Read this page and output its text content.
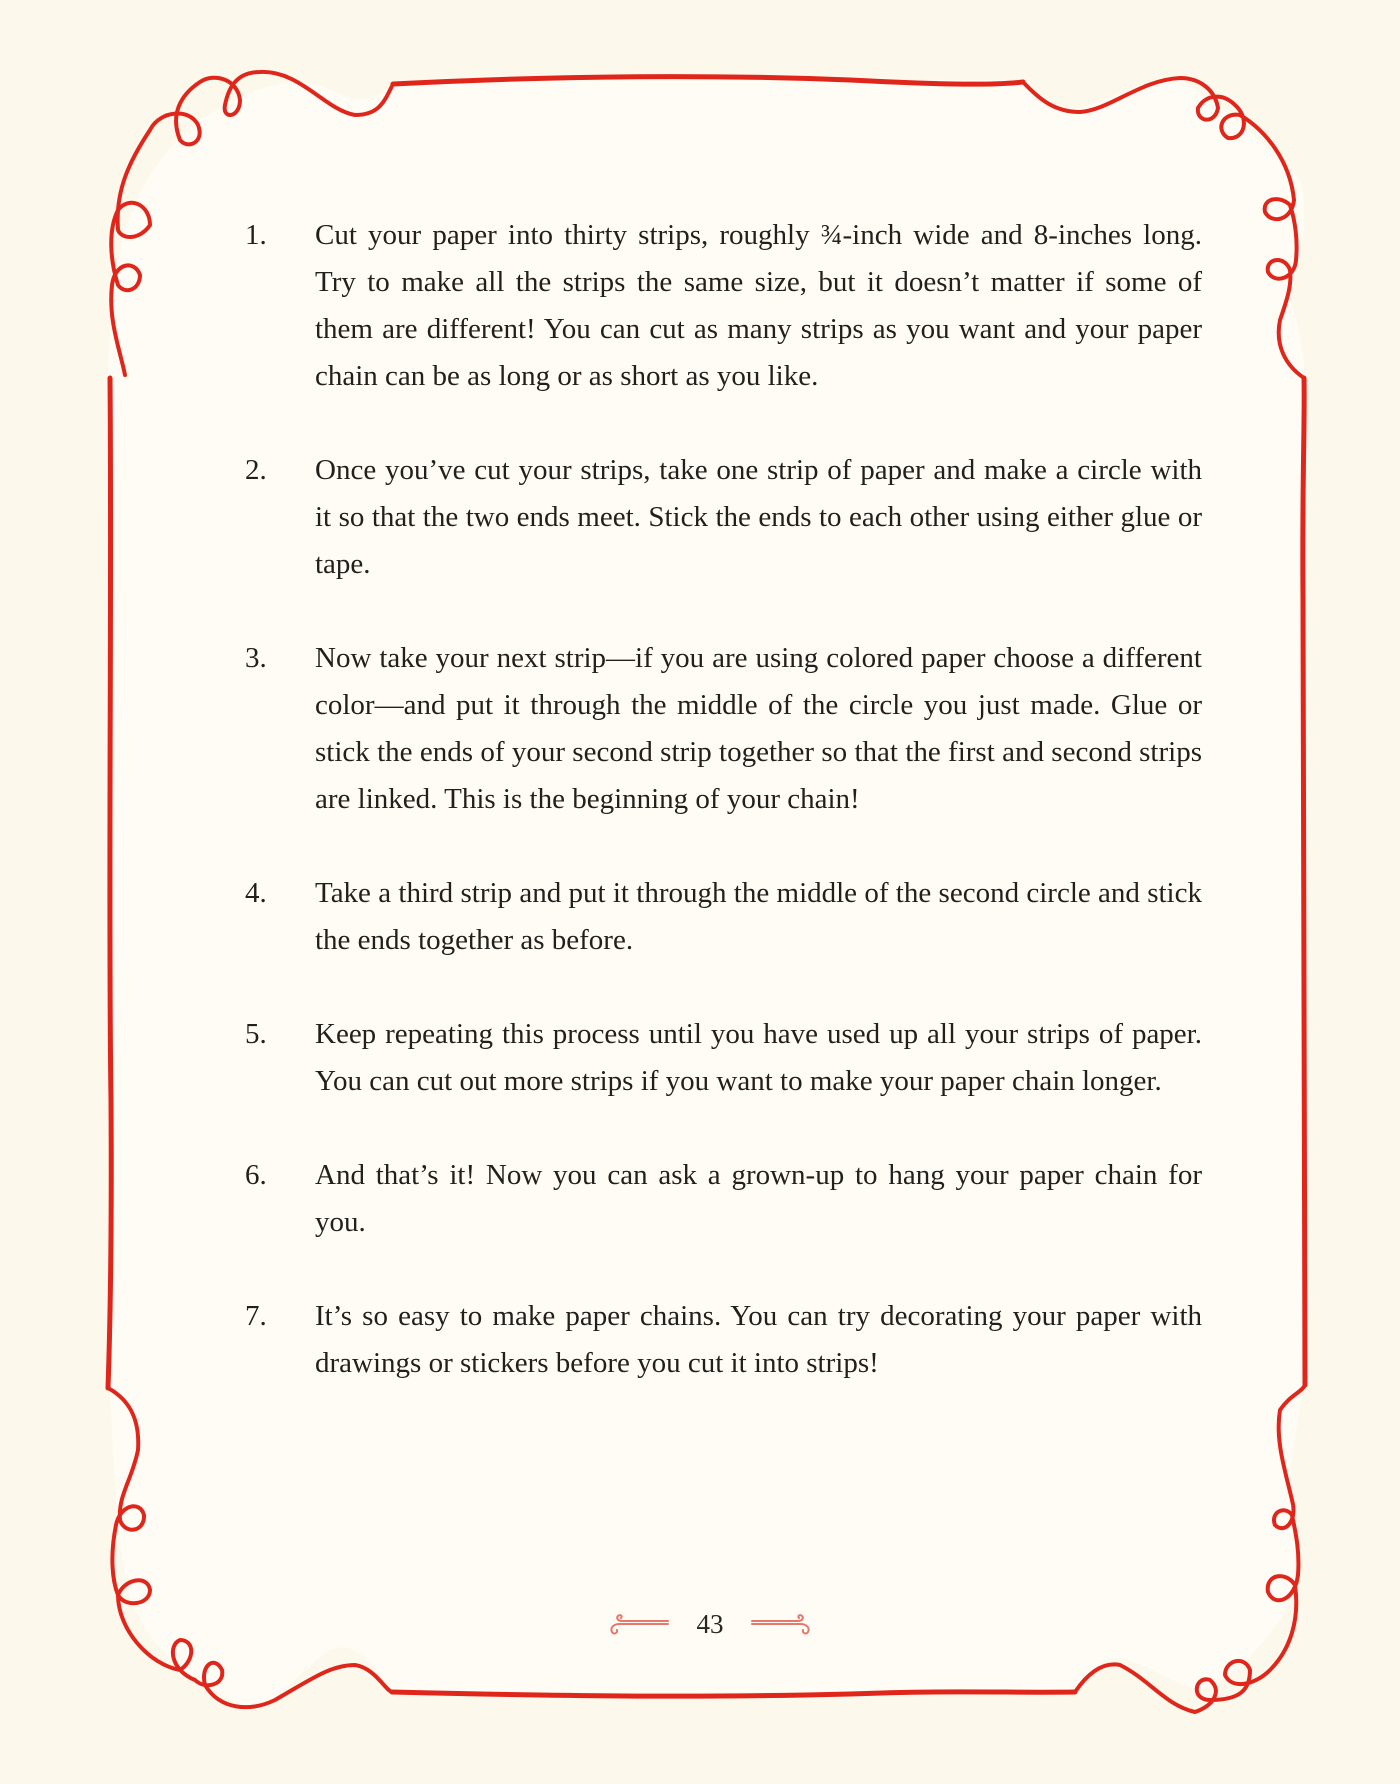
1. Cut your paper into thirty strips, roughly ¾-inch wide and 8-inches long. Try to make all the strips the same size, but it doesn’t matter if some of them are different! You can cut as many strips as you want and your paper chain can be as long or as short as you like.

2. Once you’ve cut your strips, take one strip of paper and make a circle with it so that the two ends meet. Stick the ends to each other using either glue or tape.

3. Now take your next strip—if you are using colored paper choose a different color—and put it through the middle of the circle you just made. Glue or stick the ends of your second strip together so that the first and second strips are linked. This is the beginning of your chain!

4. Take a third strip and put it through the middle of the second circle and stick the ends together as before.

5. Keep repeating this process until you have used up all your strips of paper. You can cut out more strips if you want to make your paper chain longer.

6. And that’s it! Now you can ask a grown-up to hang your paper chain for you.

7. It’s so easy to make paper chains. You can try decorating your paper with drawings or stickers before you cut it into strips!

43
